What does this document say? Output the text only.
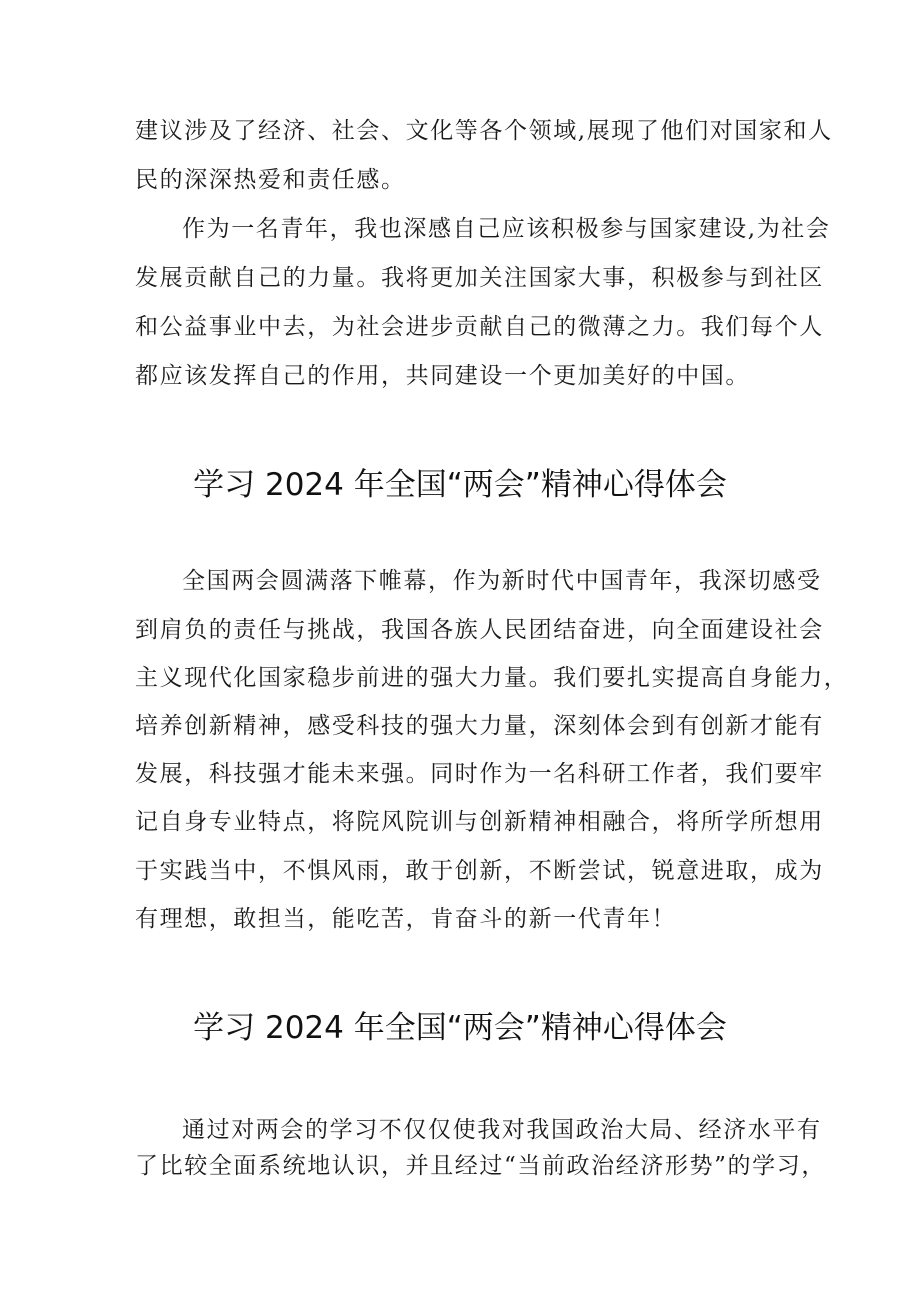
建议涉及了经济、社会、文化等各个领域,展现了他们对国家和人
民的深深热爱和责任感。
作为一名青年，我也深感自己应该积极参与国家建设,为社会
发展贡献自己的力量。我将更加关注国家大事，积极参与到社区
和公益事业中去，为社会进步贡献自己的微薄之力。我们每个人
都应该发挥自己的作用，共同建设一个更加美好的中国。
学习 2024 年全国“两会”精神心得体会
全国两会圆满落下帷幕，作为新时代中国青年，我深切感受
到肩负的责任与挑战，我国各族人民团结奋进，向全面建设社会
主义现代化国家稳步前进的强大力量。我们要扎实提高自身能力，
培养创新精神，感受科技的强大力量，深刻体会到有创新才能有
发展，科技强才能未来强。同时作为一名科研工作者，我们要牢
记自身专业特点，将院风院训与创新精神相融合，将所学所想用
于实践当中，不惧风雨，敢于创新，不断尝试，锐意进取，成为
有理想，敢担当，能吃苦，肯奋斗的新一代青年！
学习 2024 年全国“两会”精神心得体会
通过对两会的学习不仅仅使我对我国政治大局、经济水平有
了比较全面系统地认识，并且经过“当前政治经济形势”的学习，
